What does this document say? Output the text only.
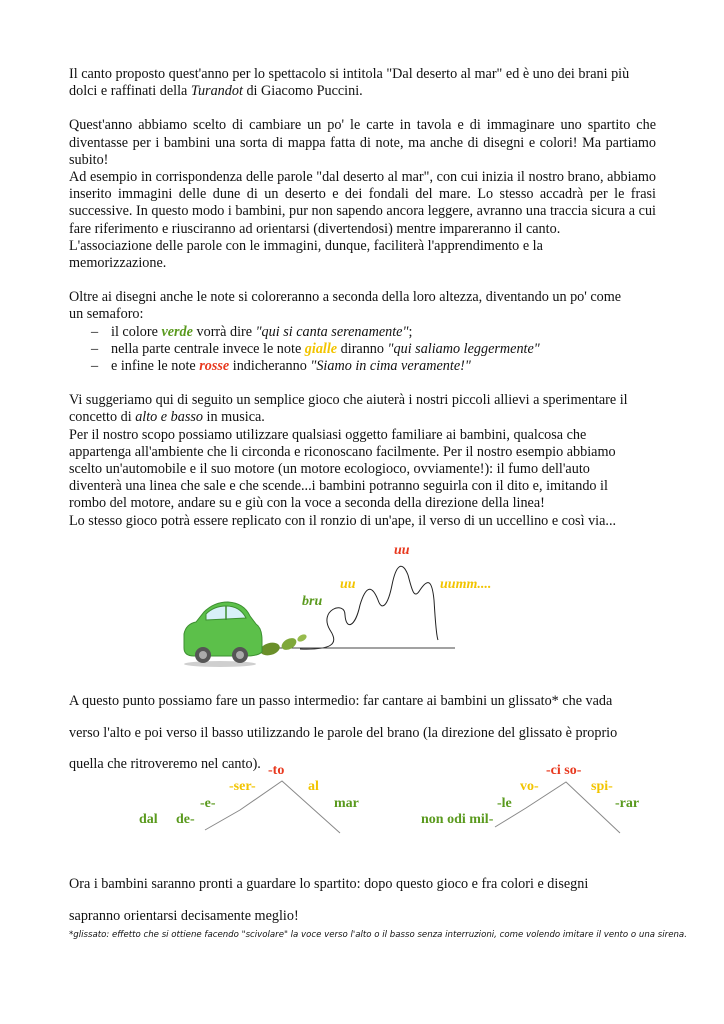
Il canto proposto quest'anno per lo spettacolo si intitola "Dal deserto al mar" ed è uno dei brani più

dolci e raffinati della Turandot di Giacomo Puccini.

Quest'anno abbiamo scelto di cambiare un po' le carte in tavola e di immaginare uno spartito che diventasse per i bambini una sorta di mappa fatta di note, ma anche di disegni e colori! Ma partiamo subito!

Ad esempio in corrispondenza delle parole "dal deserto al mar", con cui inizia il nostro brano, abbiamo inserito immagini delle dune di un deserto e dei fondali del mare. Lo stesso accadrà per le frasi successive. In questo modo i bambini, pur non sapendo ancora leggere, avranno una traccia sicura a cui fare riferimento e riusciranno ad orientarsi (divertendosi) mentre impareranno il canto.

L'associazione delle parole con le immagini, dunque, faciliterà l'apprendimento e la

memorizzazione.

Oltre ai disegni anche le note si coloreranno a seconda della loro altezza, diventando un po' come

un semaforo:

– il colore verde vorrà dire "qui si canta serenamente";
– nella parte centrale invece le note gialle diranno "qui saliamo leggermente"
– e infine le note rosse indicheranno "Siamo in cima veramente!"

Vi suggeriamo qui di seguito un semplice gioco che aiuterà i nostri piccoli allievi a sperimentare il

concetto di alto e basso in musica.

Per il nostro scopo possiamo utilizzare qualsiasi oggetto familiare ai bambini, qualcosa che

appartenga all'ambiente che li circonda e riconoscano facilmente. Per il nostro esempio abbiamo

scelto un'automobile e il suo motore (un motore ecologioco, ovviamente!): il fumo dell'auto

diventerà una linea che sale e che scende...i bambini potranno seguirla con il dito e, imitando il

rombo del motore, andare su e giù con la voce a seconda della direzione della linea!

Lo stesso gioco potrà essere replicato con il ronzio di un'ape, il verso di un uccellino e così via...

bru
uu
uu
uumm....

A questo punto possiamo fare un passo intermedio: far cantare ai bambini un glissato* che vada

verso l'alto e poi verso il basso utilizzando le parole del brano (la direzione del glissato è proprio

quella che ritroveremo nel canto).

dal de-
-e-
-ser-
-to
al
mar
non odi mil-
-le
vo-
-ci so-
spi-
-rar

Ora i bambini saranno pronti a guardare lo spartito: dopo questo gioco e fra colori e disegni

sapranno orientarsi decisamente meglio!

*glissato: effetto che si ottiene facendo "scivolare" la voce verso l'alto o il basso senza interruzioni, come volendo imitare il vento o una sirena.
